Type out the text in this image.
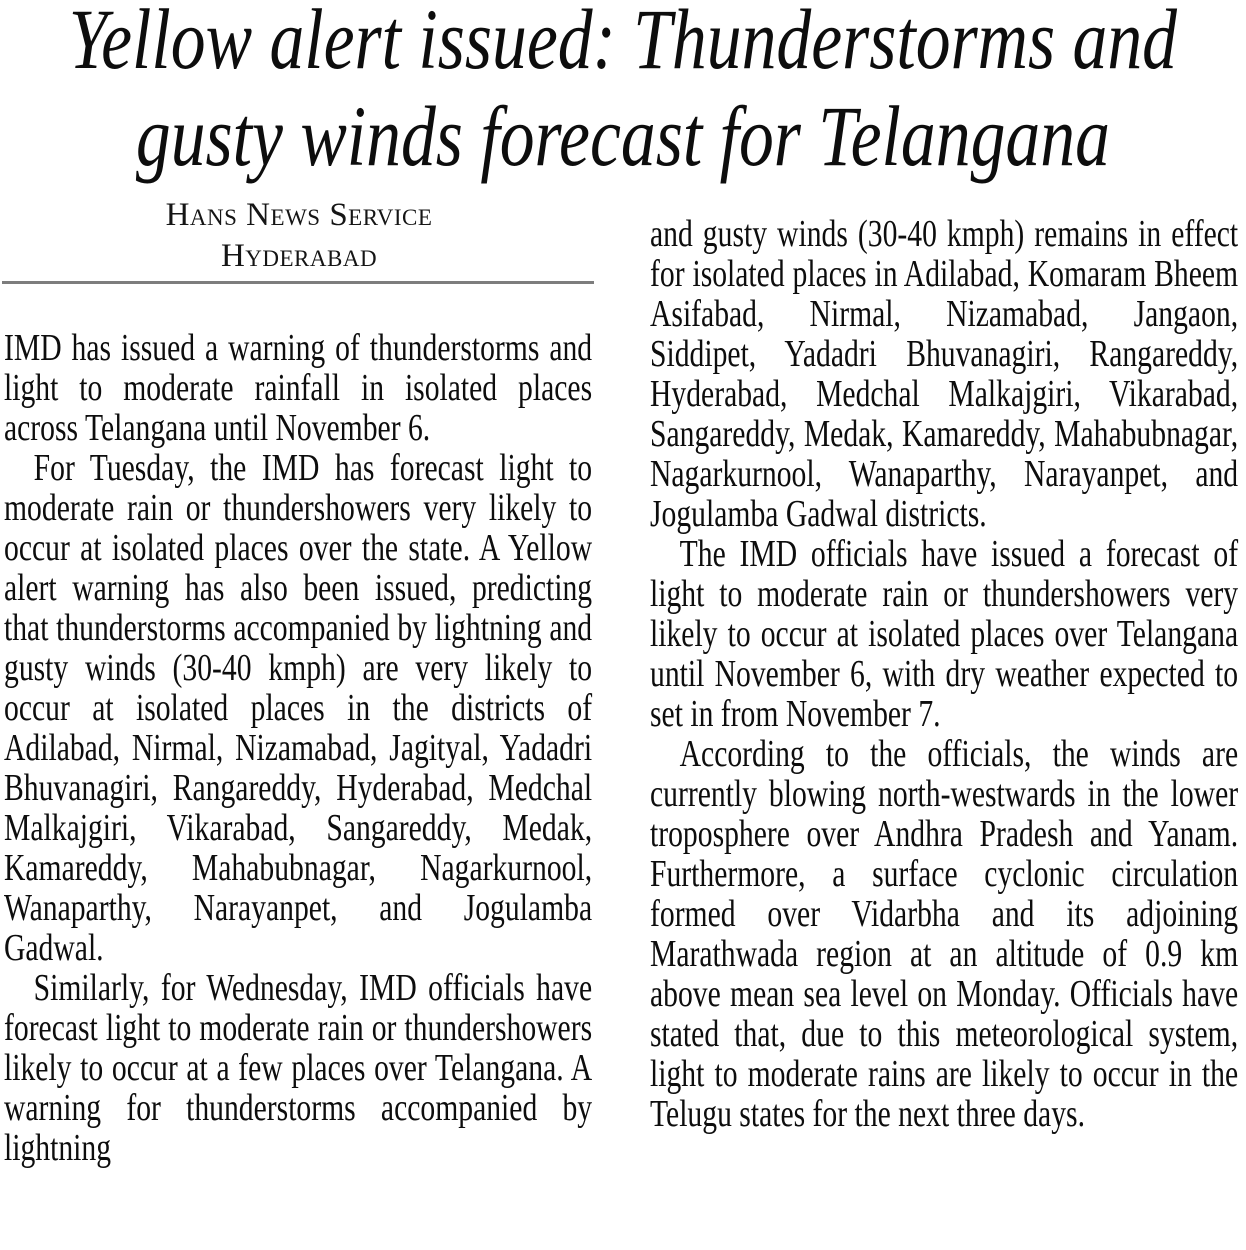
Yellow alert issued: Thunderstorms and
gusty winds forecast for Telangana
Hans News Service
Hyderabad

IMD has issued a warning of thunderstorms and light to moderate rainfall in isolated places across Telangana until November 6.

For Tuesday, the IMD has forecast light to moderate rain or thundershowers very likely to occur at isolated places over the state. A Yellow alert warning has also been issued, predicting that thunderstorms accompanied by lightning and gusty winds (30-40 kmph) are very likely to occur at isolated places in the districts of Adilabad, Nirmal, Nizamabad, Jagityal, Yadadri Bhuvanagiri, Rangareddy, Hyderabad, Medchal Malkajgiri, Vikarabad, Sangareddy, Medak, Kamareddy, Mahabubnagar, Nagarkurnool, Wanaparthy, Narayanpet, and Jogulamba Gadwal.

Similarly, for Wednesday, IMD officials have forecast light to moderate rain or thundershowers likely to occur at a few places over Telangana. A warning for thunderstorms accompanied by lightning

and gusty winds (30-40 kmph) remains in effect for isolated places in Adilabad, Komaram Bheem Asifabad, Nirmal, Nizamabad, Jangaon, Siddipet, Yadadri Bhuvanagiri, Rangareddy, Hyderabad, Medchal Malkajgiri, Vikarabad, Sangareddy, Medak, Kamareddy, Mahabubnagar, Nagarkurnool, Wanaparthy, Narayanpet, and Jogulamba Gadwal districts.

The IMD officials have issued a forecast of light to moderate rain or thundershowers very likely to occur at isolated places over Telangana until November 6, with dry weather expected to set in from November 7.

According to the officials, the winds are currently blowing north-westwards in the lower troposphere over Andhra Pradesh and Yanam. Furthermore, a surface cyclonic circulation formed over Vidarbha and its adjoining Marathwada region at an altitude of 0.9 km above mean sea level on Monday. Officials have stated that, due to this meteorological system, light to moderate rains are likely to occur in the Telugu states for the next three days.
